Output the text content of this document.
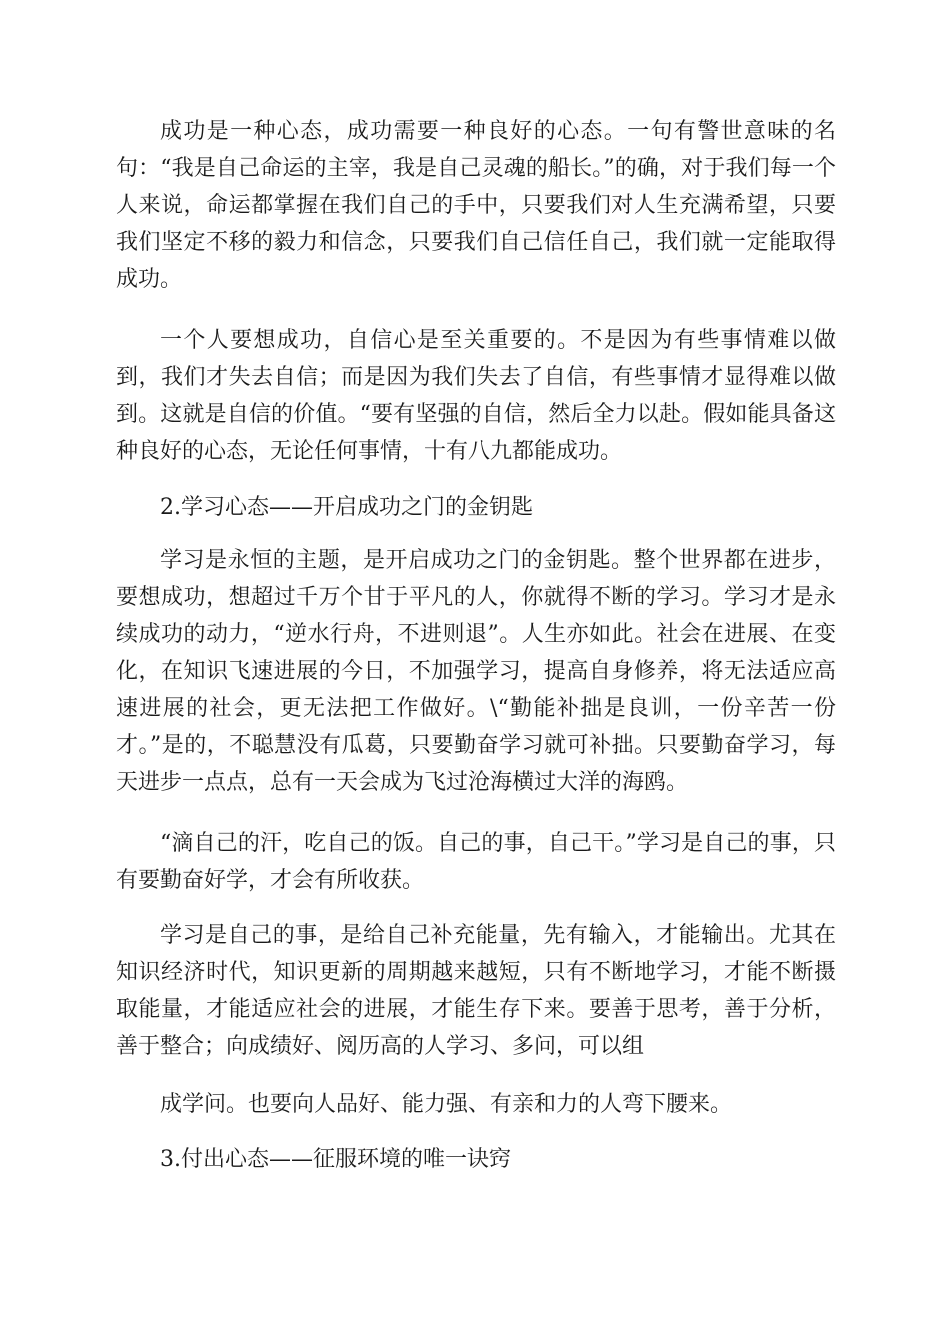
成功是一种心态，成功需要一种良好的心态。一句有警世意味的名句：“我是自己命运的主宰，我是自己灵魂的船长。”的确，对于我们每一个人来说，命运都掌握在我们自己的手中，只要我们对人生充满希望，只要我们坚定不移的毅力和信念，只要我们自己信任自己，我们就一定能取得成功。

一个人要想成功，自信心是至关重要的。不是因为有些事情难以做到，我们才失去自信；而是因为我们失去了自信，有些事情才显得难以做到。这就是自信的价值。“要有坚强的自信，然后全力以赴。假如能具备这种良好的心态，无论任何事情，十有八九都能成功。

2.学习心态——开启成功之门的金钥匙

学习是永恒的主题，是开启成功之门的金钥匙。整个世界都在进步，要想成功，想超过千万个甘于平凡的人，你就得不断的学习。学习才是永续成功的动力，“逆水行舟，不进则退”。人生亦如此。社会在进展、在变化，在知识飞速进展的今日，不加强学习，提高自身修养，将无法适应高速进展的社会，更无法把工作做好。\“勤能补拙是良训，一份辛苦一份才。”是的，不聪慧没有瓜葛，只要勤奋学习就可补拙。只要勤奋学习，每天进步一点点，总有一天会成为飞过沧海横过大洋的海鸥。

“滴自己的汗，吃自己的饭。自己的事，自己干。”学习是自己的事，只有要勤奋好学，才会有所收获。

学习是自己的事，是给自己补充能量，先有输入，才能输出。尤其在知识经济时代，知识更新的周期越来越短，只有不断地学习，才能不断摄取能量，才能适应社会的进展，才能生存下来。要善于思考，善于分析，善于整合；向成绩好、阅历高的人学习、多问，可以组

成学问。也要向人品好、能力强、有亲和力的人弯下腰来。

3.付出心态——征服环境的唯一诀窍
